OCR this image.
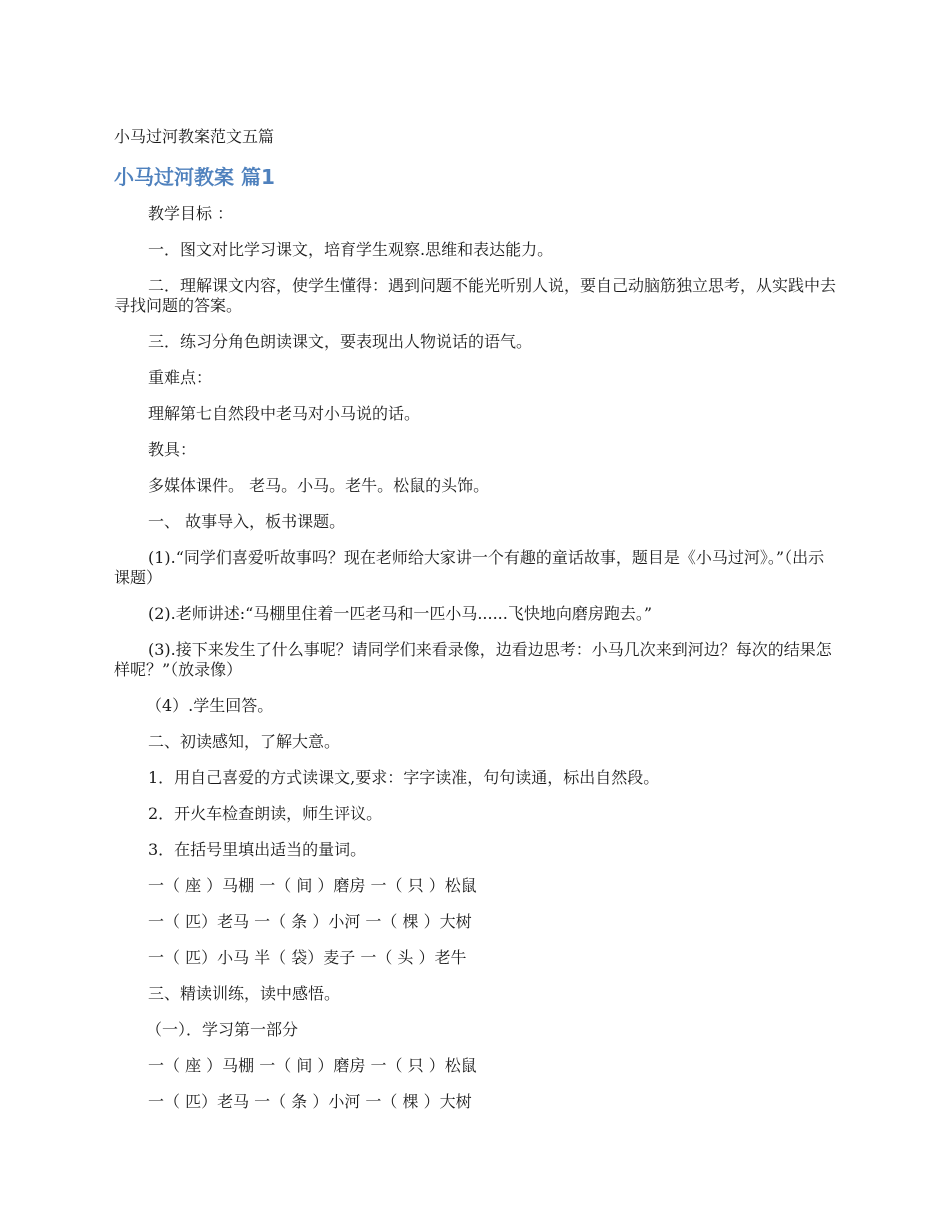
小马过河教案范文五篇

小马过河教案 篇1

教学目标 ：

一．图文对比学习课文，培育学生观察.思维和表达能力。

二．理解课文内容，使学生懂得：遇到问题不能光听别人说，要自己动脑筋独立思考，从实践中去寻找问题的答案。

三．练习分角色朗读课文，要表现出人物说话的语气。

重难点：

理解第七自然段中老马对小马说的话。

教具：

多媒体课件。 老马。小马。老牛。松鼠的头饰。

一、 故事导入，板书课题。

(1).“同学们喜爱听故事吗？现在老师给大家讲一个有趣的童话故事，题目是《小马过河》。”（出示课题）

(2).老师讲述:“马棚里住着一匹老马和一匹小马......飞快地向磨房跑去。”

(3).接下来发生了什么事呢？请同学们来看录像，边看边思考：小马几次来到河边？每次的结果怎样呢？”（放录像）

（4）.学生回答。

二、初读感知，了解大意。

1．用自己喜爱的方式读课文,要求：字字读准，句句读通，标出自然段。

2．开火车检查朗读，师生评议。

3．在括号里填出适当的量词。

一（ 座 ）马棚 一（ 间 ）磨房 一（ 只 ）松鼠

一（ 匹）老马 一（ 条 ）小河 一（ 棵 ）大树

一（ 匹）小马 半（ 袋）麦子 一（ 头 ）老牛

三、精读训练，读中感悟。

（一）．学习第一部分

一（ 座 ）马棚 一（ 间 ）磨房 一（ 只 ）松鼠

一（ 匹）老马 一（ 条 ）小河 一（ 棵 ）大树
